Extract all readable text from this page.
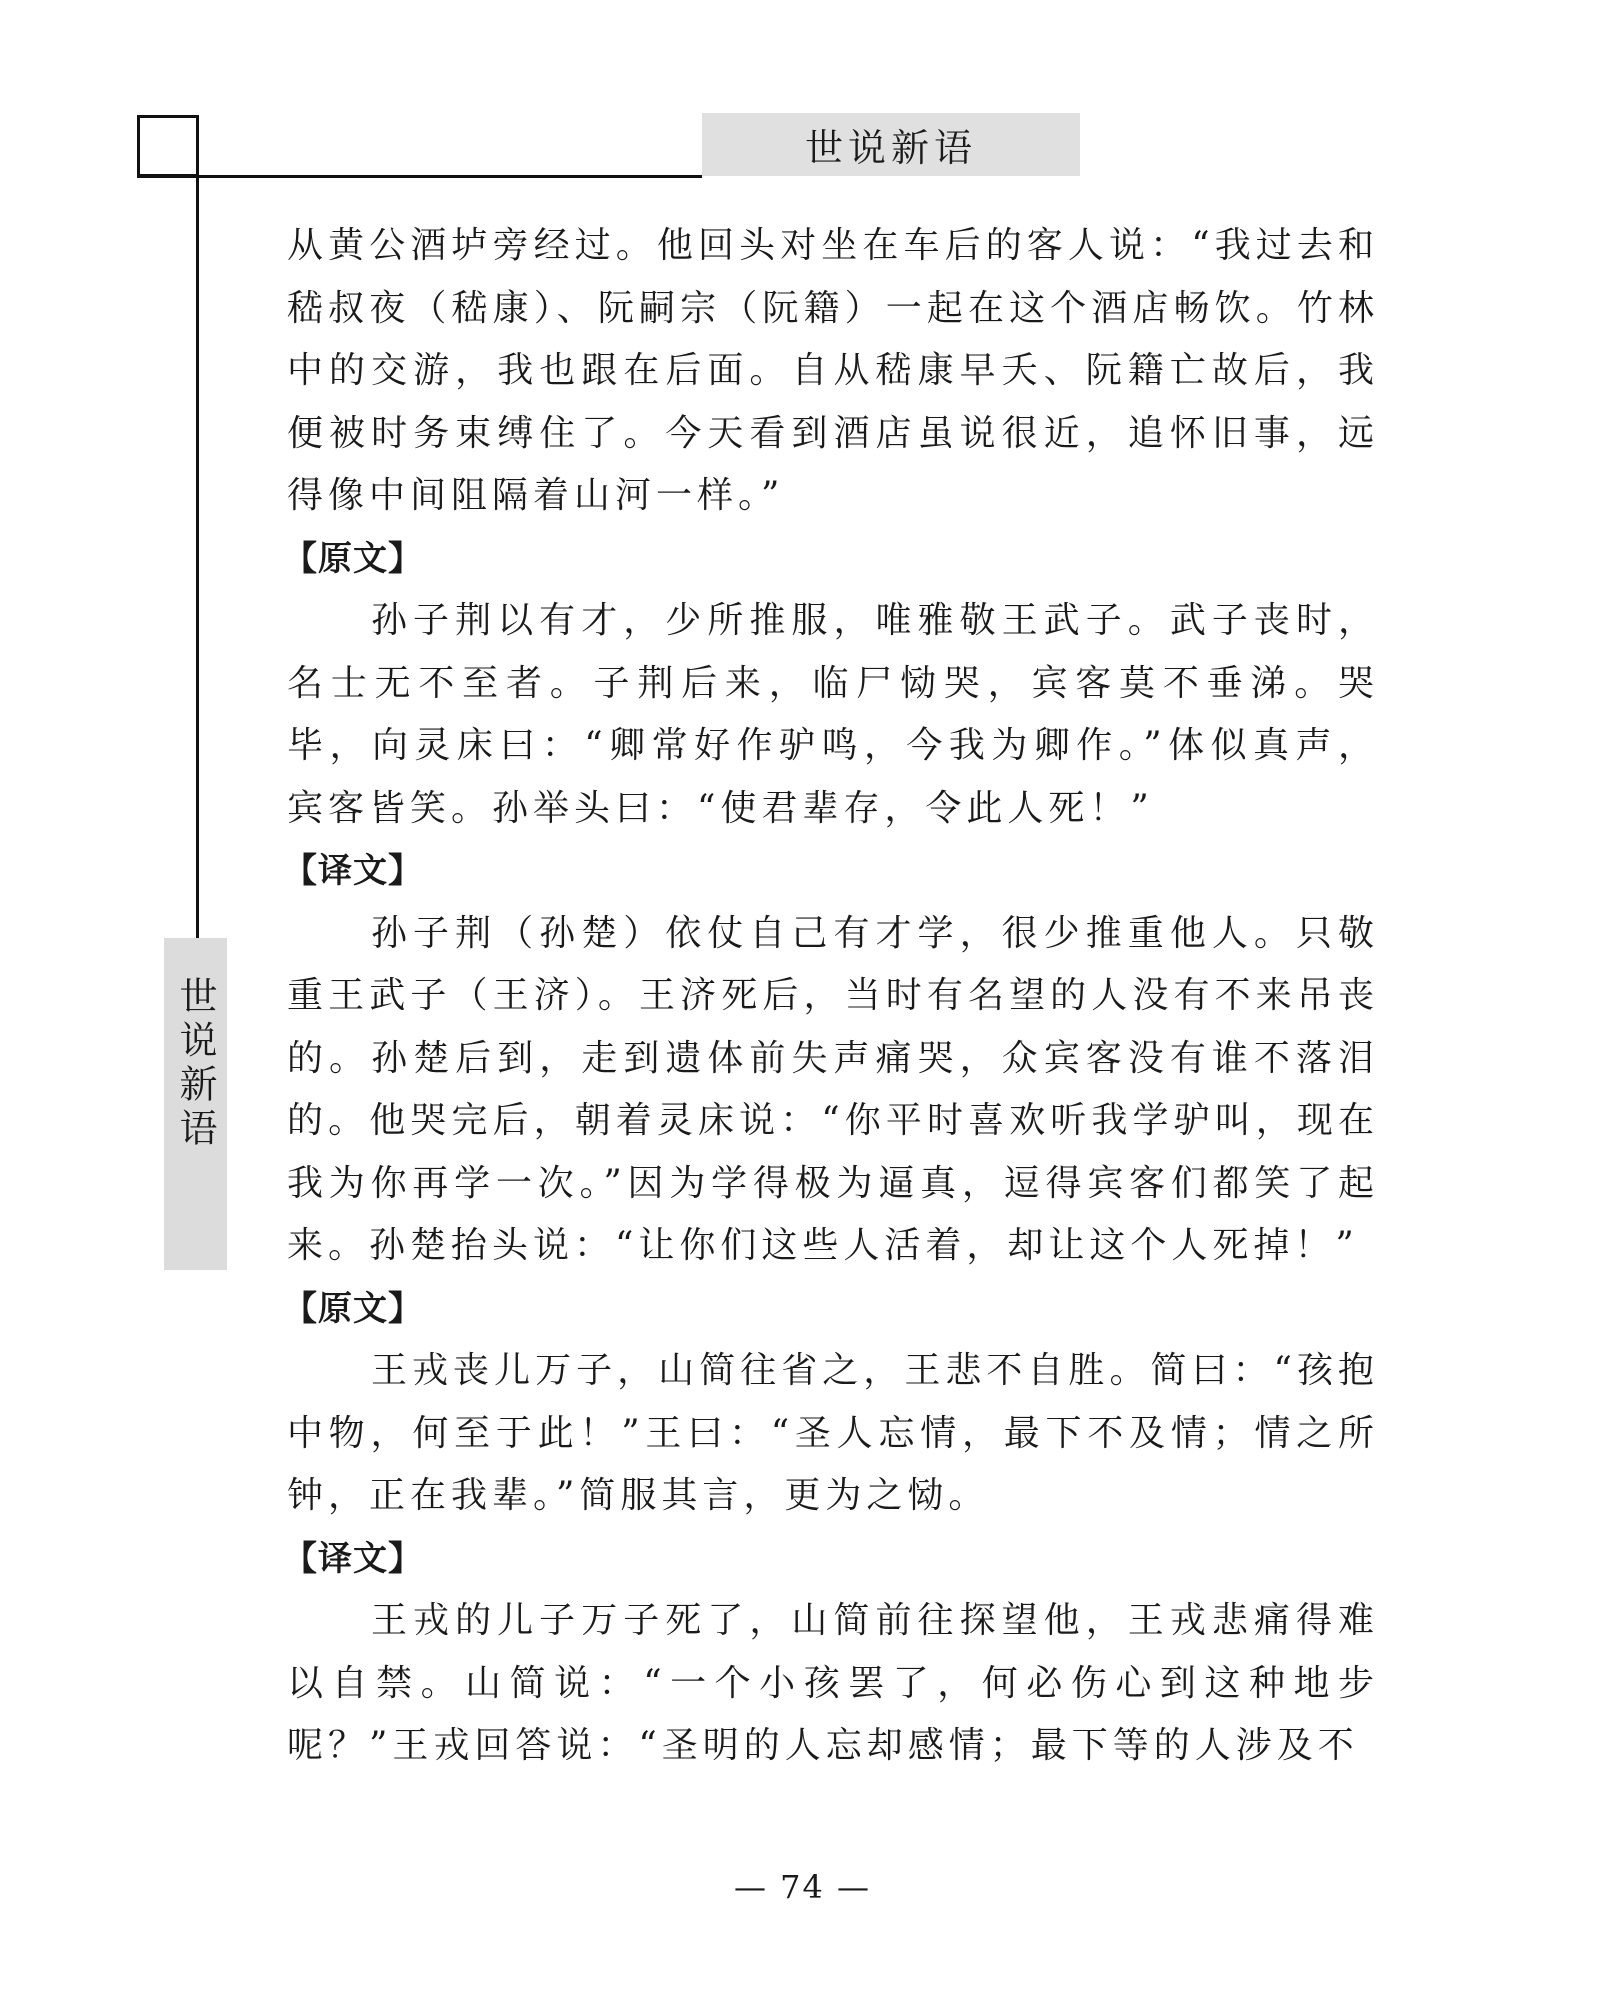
世说新语
世说新语

从黄公酒垆旁经过。他回头对坐在车后的客人说：“我过去和嵇叔夜（嵇康）、阮嗣宗（阮籍）一起在这个酒店畅饮。竹林中的交游，我也跟在后面。自从嵇康早夭、阮籍亡故后，我便被时务束缚住了。今天看到酒店虽说很近，追怀旧事，远得像中间阻隔着山河一样。”

【原文】

孙子荆以有才，少所推服，唯雅敬王武子。武子丧时，名士无不至者。子荆后来，临尸恸哭，宾客莫不垂涕。哭毕，向灵床曰：“卿常好作驴鸣，今我为卿作。”体似真声，宾客皆笑。孙举头曰：“使君辈存，令此人死！”

【译文】

孙子荆（孙楚）依仗自己有才学，很少推重他人。只敬重王武子（王济）。王济死后，当时有名望的人没有不来吊丧的。孙楚后到，走到遗体前失声痛哭，众宾客没有谁不落泪的。他哭完后，朝着灵床说：“你平时喜欢听我学驴叫，现在我为你再学一次。”因为学得极为逼真，逗得宾客们都笑了起来。孙楚抬头说：“让你们这些人活着，却让这个人死掉！”

【原文】

王戎丧儿万子，山简往省之，王悲不自胜。简曰：“孩抱中物，何至于此！”王曰：“圣人忘情，最下不及情；情之所钟，正在我辈。”简服其言，更为之恸。

【译文】

王戎的儿子万子死了，山简前往探望他，王戎悲痛得难以自禁。山简说：“一个小孩罢了，何必伤心到这种地步呢？”王戎回答说：“圣明的人忘却感情；最下等的人涉及不

— 74 —
